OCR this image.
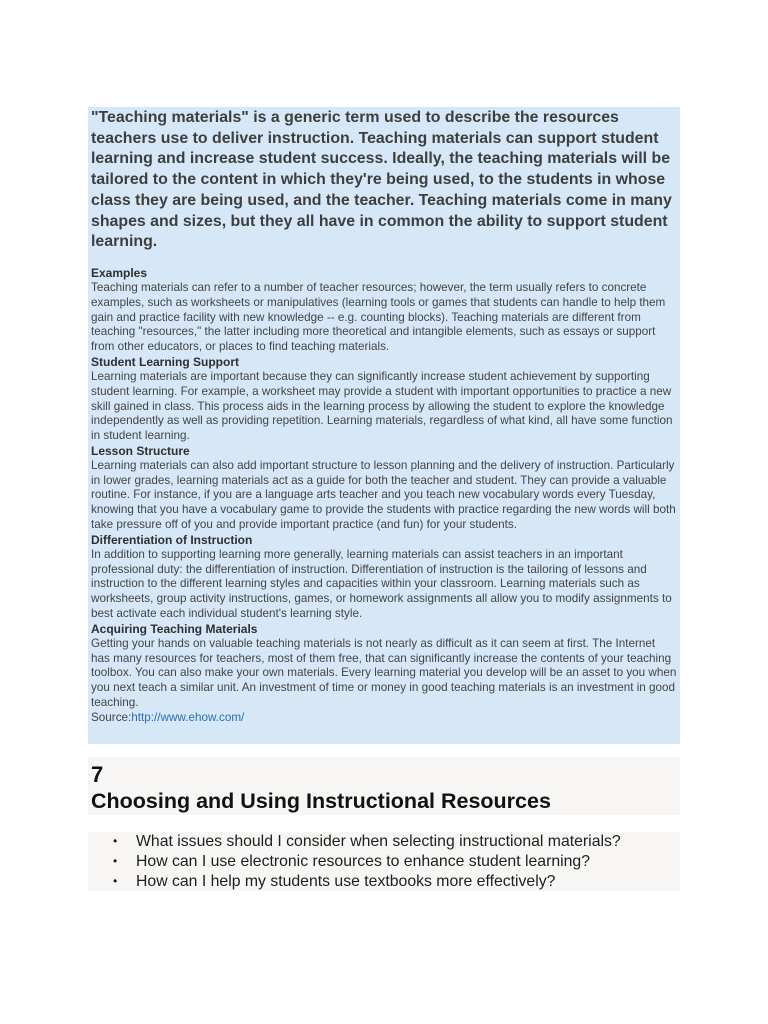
"Teaching materials" is a generic term used to describe the resources teachers use to deliver instruction. Teaching materials can support student learning and increase student success. Ideally, the teaching materials will be tailored to the content in which they're being used, to the students in whose class they are being used, and the teacher. Teaching materials come in many shapes and sizes, but they all have in common the ability to support student learning.

Examples

Teaching materials can refer to a number of teacher resources; however, the term usually refers to concrete examples, such as worksheets or manipulatives (learning tools or games that students can handle to help them gain and practice facility with new knowledge -- e.g. counting blocks). Teaching materials are different from teaching "resources," the latter including more theoretical and intangible elements, such as essays or support from other educators, or places to find teaching materials.

Student Learning Support

Learning materials are important because they can significantly increase student achievement by supporting student learning. For example, a worksheet may provide a student with important opportunities to practice a new skill gained in class. This process aids in the learning process by allowing the student to explore the knowledge independently as well as providing repetition. Learning materials, regardless of what kind, all have some function in student learning.

Lesson Structure

Learning materials can also add important structure to lesson planning and the delivery of instruction. Particularly in lower grades, learning materials act as a guide for both the teacher and student. They can provide a valuable routine. For instance, if you are a language arts teacher and you teach new vocabulary words every Tuesday, knowing that you have a vocabulary game to provide the students with practice regarding the new words will both take pressure off of you and provide important practice (and fun) for your students.

Differentiation of Instruction

In addition to supporting learning more generally, learning materials can assist teachers in an important professional duty: the differentiation of instruction. Differentiation of instruction is the tailoring of lessons and instruction to the different learning styles and capacities within your classroom. Learning materials such as worksheets, group activity instructions, games, or homework assignments all allow you to modify assignments to best activate each individual student's learning style.

Acquiring Teaching Materials

Getting your hands on valuable teaching materials is not nearly as difficult as it can seem at first. The Internet has many resources for teachers, most of them free, that can significantly increase the contents of your teaching toolbox. You can also make your own materials. Every learning material you develop will be an asset to you when you next teach a similar unit. An investment of time or money in good teaching materials is an investment in good teaching.

Source:http://www.ehow.com/

7

Choosing and Using Instructional Resources

• What issues should I consider when selecting instructional materials?
• How can I use electronic resources to enhance student learning?
• How can I help my students use textbooks more effectively?
